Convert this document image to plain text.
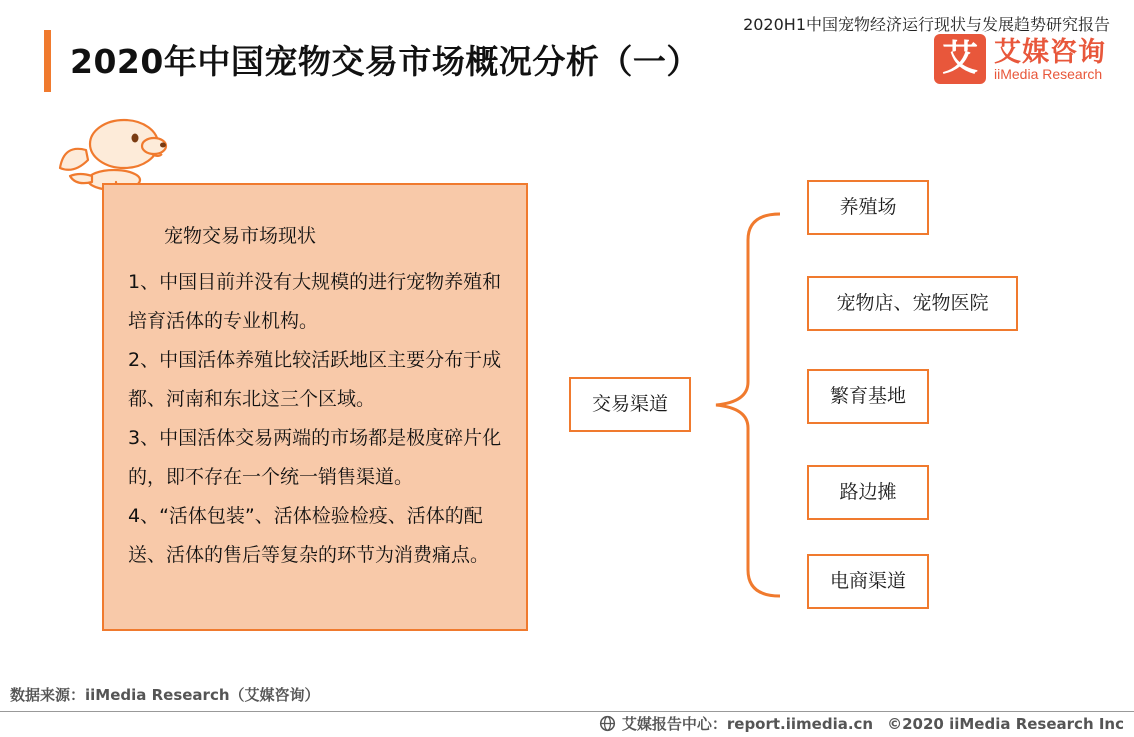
2020H1中国宠物经济运行现状与发展趋势研究报告
2020年中国宠物交易市场概况分析（一）	艾 艾媒咨询
iiMedia Research
宠物交易市场现状
1、中国目前并没有大规模的进行宠物养殖和培育活体的专业机构。
2、中国活体养殖比较活跃地区主要分布于成都、河南和东北这三个区域。
3、中国活体交易两端的市场都是极度碎片化的，即不存在一个统一销售渠道。
4、“活体包装”、活体检验检疫、活体的配送、活体的售后等复杂的环节为消费痛点。
交易渠道
养殖场
宠物店、宠物医院
繁育基地
路边摊
电商渠道
数据来源：iiMedia Research（艾媒咨询）
艾媒报告中心：report.iimedia.cn ©2020 iiMedia Research Inc
